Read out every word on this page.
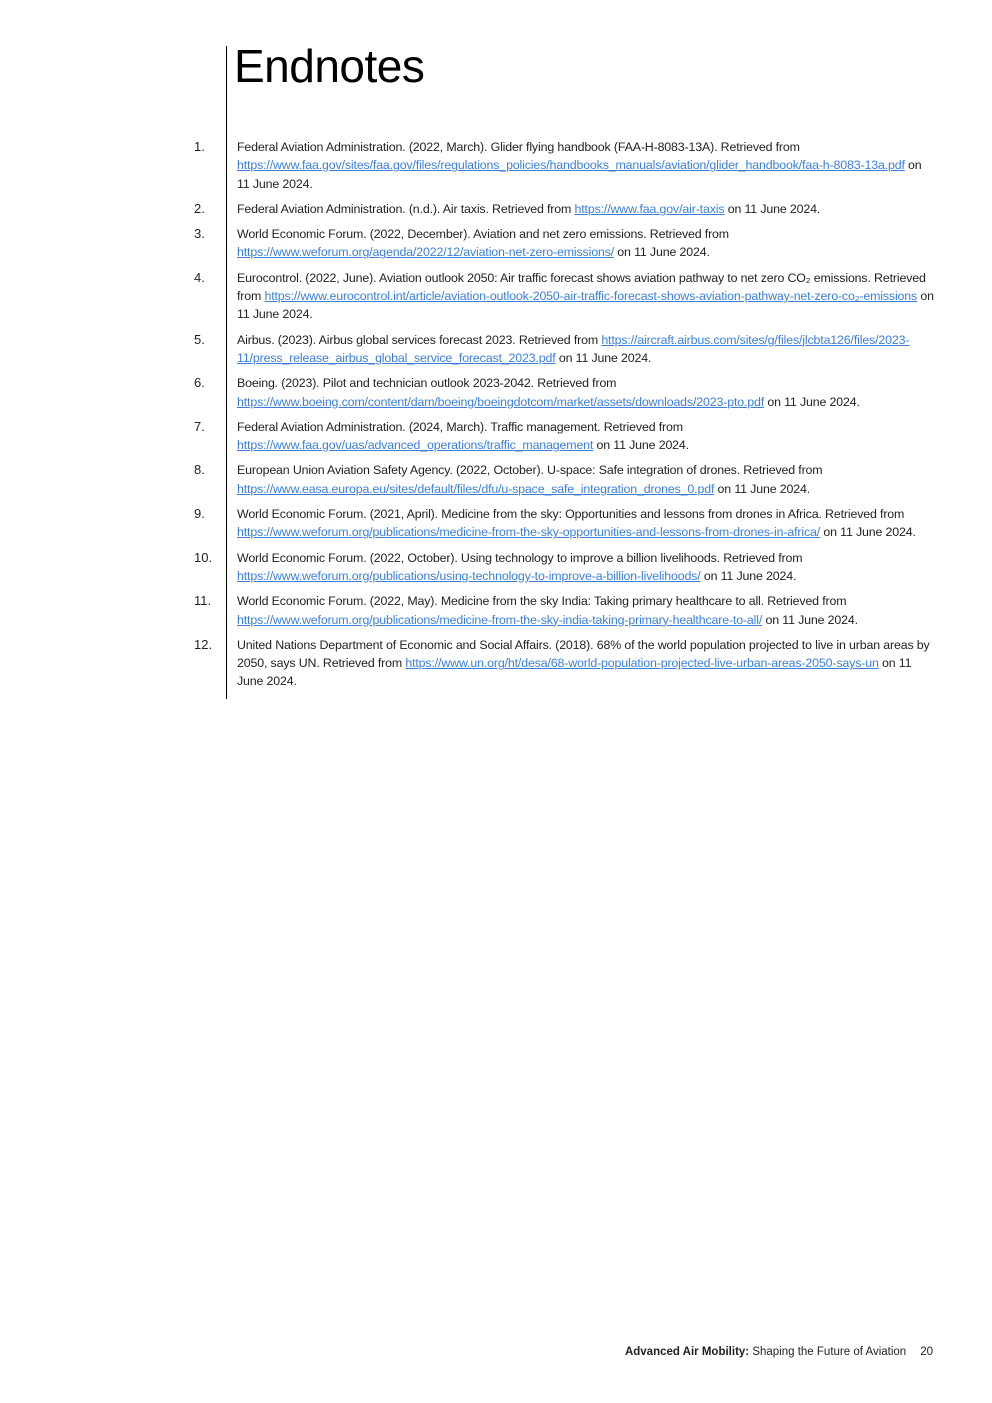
Endnotes
1.	Federal Aviation Administration. (2022, March). Glider flying handbook (FAA-H-8083-13A). Retrieved from https://www.faa.gov/sites/faa.gov/files/regulations_policies/handbooks_manuals/aviation/glider_handbook/faa-h-8083-13a.pdf on 11 June 2024.
2.	Federal Aviation Administration. (n.d.). Air taxis. Retrieved from https://www.faa.gov/air-taxis on 11 June 2024.
3.	World Economic Forum. (2022, December). Aviation and net zero emissions. Retrieved from https://www.weforum.org/agenda/2022/12/aviation-net-zero-emissions/ on 11 June 2024.
4.	Eurocontrol. (2022, June). Aviation outlook 2050: Air traffic forecast shows aviation pathway to net zero CO₂ emissions. Retrieved from https://www.eurocontrol.int/article/aviation-outlook-2050-air-traffic-forecast-shows-aviation-pathway-net-zero-co₂-emissions on 11 June 2024.
5.	Airbus. (2023). Airbus global services forecast 2023. Retrieved from https://aircraft.airbus.com/sites/g/files/jlcbta126/files/2023-11/press_release_airbus_global_service_forecast_2023.pdf on 11 June 2024.
6.	Boeing. (2023). Pilot and technician outlook 2023-2042. Retrieved from https://www.boeing.com/content/dam/boeing/boeingdotcom/market/assets/downloads/2023-pto.pdf on 11 June 2024.
7.	Federal Aviation Administration. (2024, March). Traffic management. Retrieved from https://www.faa.gov/uas/advanced_operations/traffic_management on 11 June 2024.
8.	European Union Aviation Safety Agency. (2022, October). U-space: Safe integration of drones. Retrieved from https://www.easa.europa.eu/sites/default/files/dfu/u-space_safe_integration_drones_0.pdf on 11 June 2024.
9.	World Economic Forum. (2021, April). Medicine from the sky: Opportunities and lessons from drones in Africa. Retrieved from https://www.weforum.org/publications/medicine-from-the-sky-opportunities-and-lessons-from-drones-in-africa/ on 11 June 2024.
10. World Economic Forum. (2022, October). Using technology to improve a billion livelihoods. Retrieved from https://www.weforum.org/publications/using-technology-to-improve-a-billion-livelihoods/ on 11 June 2024.
11. World Economic Forum. (2022, May). Medicine from the sky India: Taking primary healthcare to all. Retrieved from https://www.weforum.org/publications/medicine-from-the-sky-india-taking-primary-healthcare-to-all/ on 11 June 2024.
12. United Nations Department of Economic and Social Affairs. (2018). 68% of the world population projected to live in urban areas by 2050, says UN. Retrieved from https://www.un.org/ht/desa/68-world-population-projected-live-urban-areas-2050-says-un on 11 June 2024.
Advanced Air Mobility: Shaping the Future of Aviation 20
